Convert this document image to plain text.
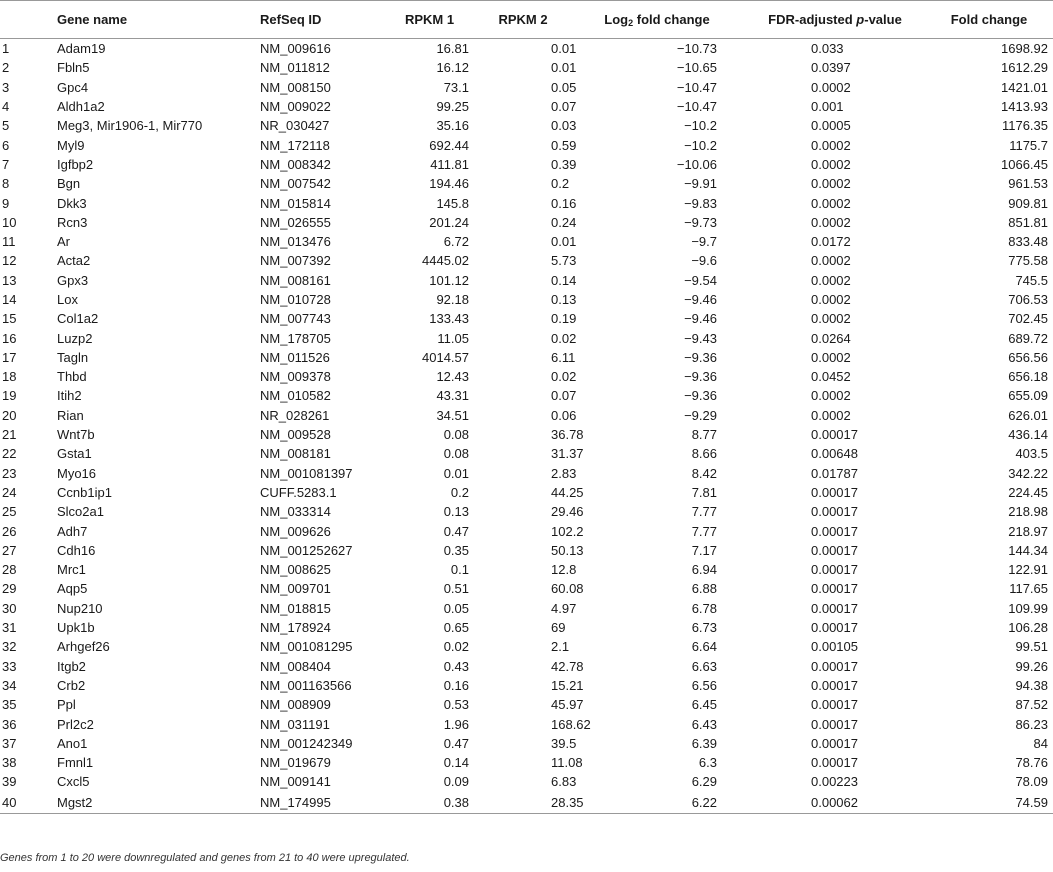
	Gene name	RefSeq ID	RPKM 1	RPKM 2	Log$_2$ fold change	FDR-adjusted p-value	Fold change
1	Adam19	NM_009616	16.81	0.01	−10.73	0.033	1698.92
2	Fbln5	NM_011812	16.12	0.01	−10.65	0.0397	1612.29
3	Gpc4	NM_008150	73.1	0.05	−10.47	0.0002	1421.01
4	Aldh1a2	NM_009022	99.25	0.07	−10.47	0.001	1413.93
5	Meg3, Mir1906-1, Mir770	NR_030427	35.16	0.03	−10.2	0.0005	1176.35
6	Myl9	NM_172118	692.44	0.59	−10.2	0.0002	1175.7
7	Igfbp2	NM_008342	411.81	0.39	−10.06	0.0002	1066.45
8	Bgn	NM_007542	194.46	0.2	−9.91	0.0002	961.53
9	Dkk3	NM_015814	145.8	0.16	−9.83	0.0002	909.81
10	Rcn3	NM_026555	201.24	0.24	−9.73	0.0002	851.81
11	Ar	NM_013476	6.72	0.01	−9.7	0.0172	833.48
12	Acta2	NM_007392	4445.02	5.73	−9.6	0.0002	775.58
13	Gpx3	NM_008161	101.12	0.14	−9.54	0.0002	745.5
14	Lox	NM_010728	92.18	0.13	−9.46	0.0002	706.53
15	Col1a2	NM_007743	133.43	0.19	−9.46	0.0002	702.45
16	Luzp2	NM_178705	11.05	0.02	−9.43	0.0264	689.72
17	Tagln	NM_011526	4014.57	6.11	−9.36	0.0002	656.56
18	Thbd	NM_009378	12.43	0.02	−9.36	0.0452	656.18
19	Itih2	NM_010582	43.31	0.07	−9.36	0.0002	655.09
20	Rian	NR_028261	34.51	0.06	−9.29	0.0002	626.01
21	Wnt7b	NM_009528	0.08	36.78	8.77	0.00017	436.14
22	Gsta1	NM_008181	0.08	31.37	8.66	0.00648	403.5
23	Myo16	NM_001081397	0.01	2.83	8.42	0.01787	342.22
24	Ccnb1ip1	CUFF.5283.1	0.2	44.25	7.81	0.00017	224.45
25	Slco2a1	NM_033314	0.13	29.46	7.77	0.00017	218.98
26	Adh7	NM_009626	0.47	102.2	7.77	0.00017	218.97
27	Cdh16	NM_001252627	0.35	50.13	7.17	0.00017	144.34
28	Mrc1	NM_008625	0.1	12.8	6.94	0.00017	122.91
29	Aqp5	NM_009701	0.51	60.08	6.88	0.00017	117.65
30	Nup210	NM_018815	0.05	4.97	6.78	0.00017	109.99
31	Upk1b	NM_178924	0.65	69	6.73	0.00017	106.28
32	Arhgef26	NM_001081295	0.02	2.1	6.64	0.00105	99.51
33	Itgb2	NM_008404	0.43	42.78	6.63	0.00017	99.26
34	Crb2	NM_001163566	0.16	15.21	6.56	0.00017	94.38
35	Ppl	NM_008909	0.53	45.97	6.45	0.00017	87.52
36	Prl2c2	NM_031191	1.96	168.62	6.43	0.00017	86.23
37	Ano1	NM_001242349	0.47	39.5	6.39	0.00017	84
38	Fmnl1	NM_019679	0.14	11.08	6.3	0.00017	78.76
39	Cxcl5	NM_009141	0.09	6.83	6.29	0.00223	78.09
40	Mgst2	NM_174995	0.38	28.35	6.22	0.00062	74.59
Genes from 1 to 20 were downregulated and genes from 21 to 40 were upregulated.
